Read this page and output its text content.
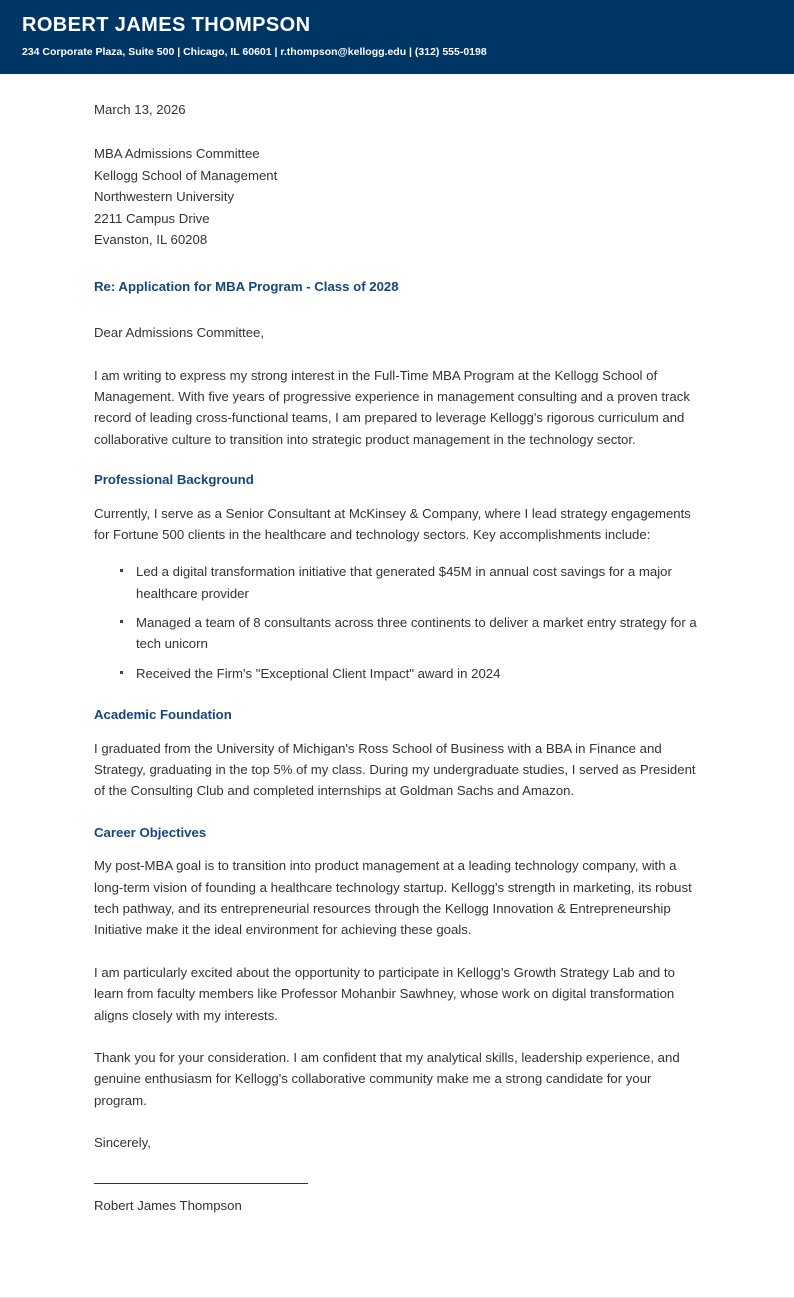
ROBERT JAMES THOMPSON
234 Corporate Plaza, Suite 500 | Chicago, IL 60601 | r.thompson@kellogg.edu | (312) 555-0198
March 13, 2026
MBA Admissions Committee
Kellogg School of Management
Northwestern University
2211 Campus Drive
Evanston, IL 60208
Re: Application for MBA Program - Class of 2028
Dear Admissions Committee,

I am writing to express my strong interest in the Full-Time MBA Program at the Kellogg School of Management. With five years of progressive experience in management consulting and a proven track record of leading cross-functional teams, I am prepared to leverage Kellogg's rigorous curriculum and collaborative culture to transition into strategic product management in the technology sector.

Professional Background

Currently, I serve as a Senior Consultant at McKinsey & Company, where I lead strategy engagements for Fortune 500 clients in the healthcare and technology sectors. Key accomplishments include:

Led a digital transformation initiative that generated $45M in annual cost savings for a major healthcare provider
Managed a team of 8 consultants across three continents to deliver a market entry strategy for a tech unicorn
Received the Firm's "Exceptional Client Impact" award in 2024
Academic Foundation

I graduated from the University of Michigan's Ross School of Business with a BBA in Finance and Strategy, graduating in the top 5% of my class. During my undergraduate studies, I served as President of the Consulting Club and completed internships at Goldman Sachs and Amazon.

Career Objectives

My post-MBA goal is to transition into product management at a leading technology company, with a long-term vision of founding a healthcare technology startup. Kellogg's strength in marketing, its robust tech pathway, and its entrepreneurial resources through the Kellogg Innovation & Entrepreneurship Initiative make it the ideal environment for achieving these goals.

I am particularly excited about the opportunity to participate in Kellogg's Growth Strategy Lab and to learn from faculty members like Professor Mohanbir Sawhney, whose work on digital transformation aligns closely with my interests.

Thank you for your consideration. I am confident that my analytical skills, leadership experience, and genuine enthusiasm for Kellogg's collaborative community make me a strong candidate for your program.

Sincerely,
Robert James Thompson
